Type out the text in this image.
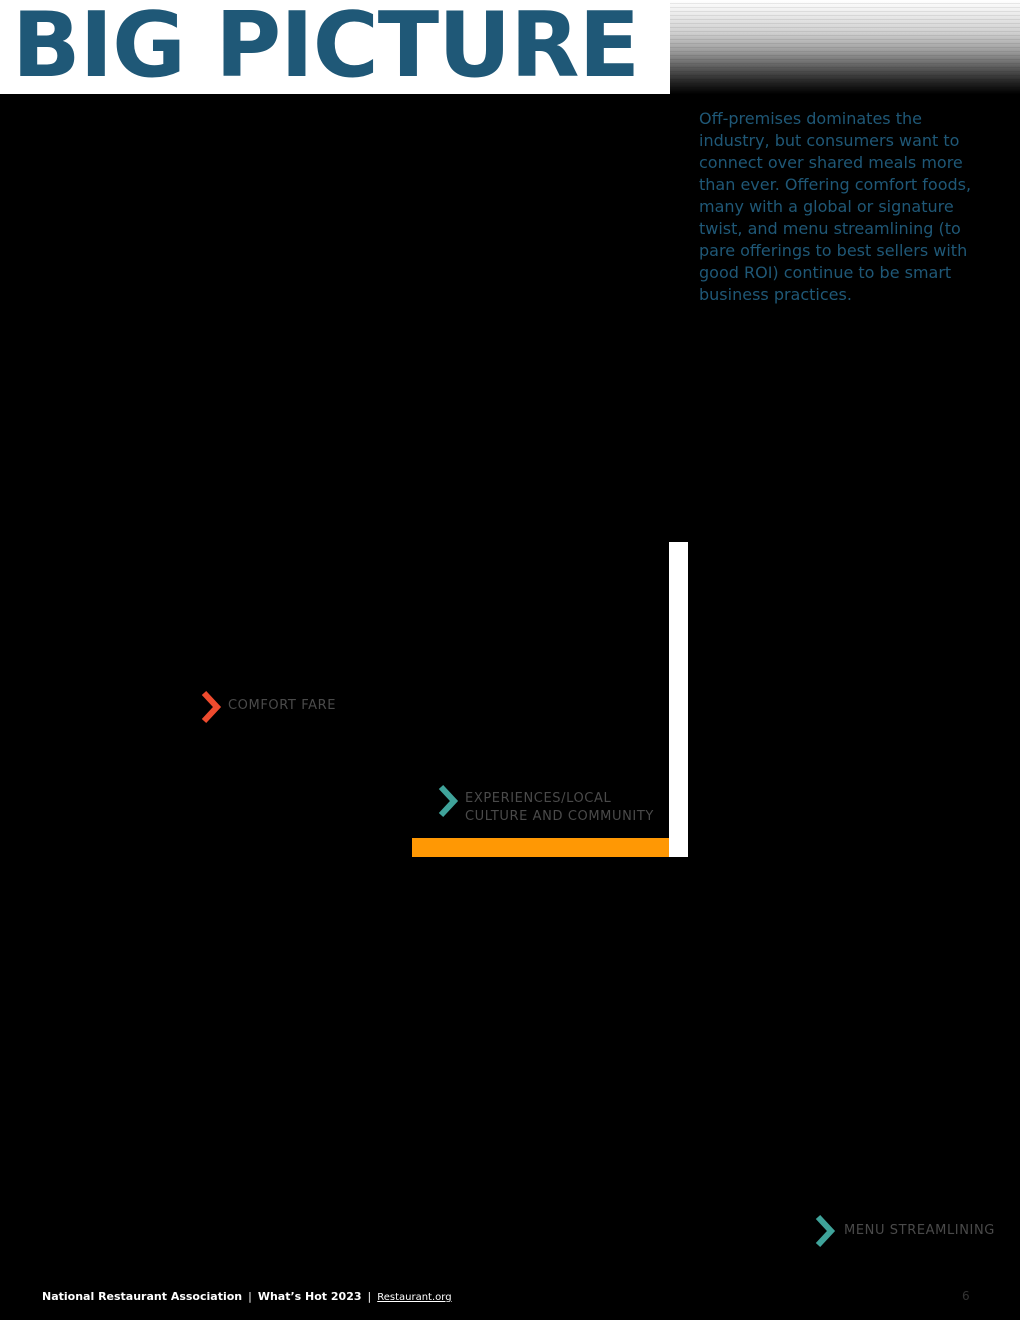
BIG PICTURE

Off-premises dominates the industry, but consumers want to connect over shared meals more than ever. Offering comfort foods, many with a global or signature twist, and menu streamlining (to pare offerings to best sellers with good ROI) continue to be smart business practices.

COMFORT FARE
EXPERIENCES/LOCAL
CULTURE AND COMMUNITY
MENU STREAMLINING
National Restaurant Association | What’s Hot 2023 | Restaurant.org	6
